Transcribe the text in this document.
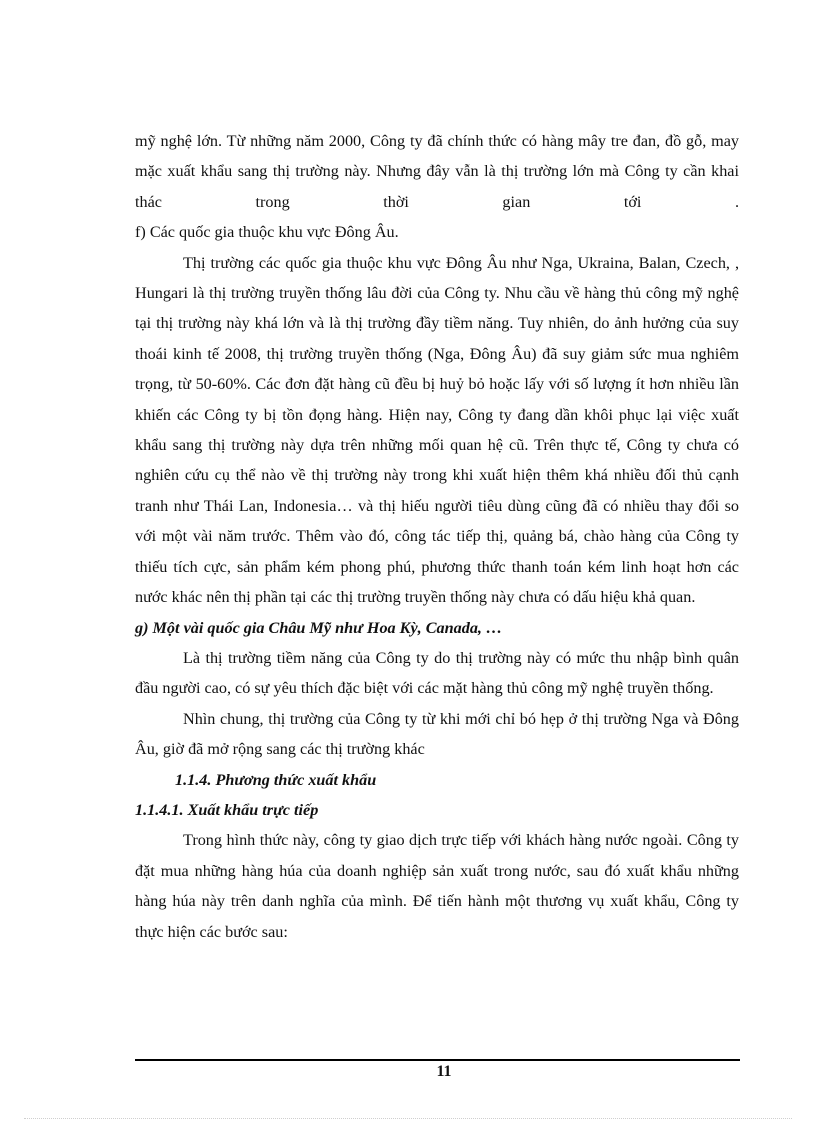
mỹ nghệ lớn. Từ những năm 2000, Công ty đã chính thức có hàng mây tre đan, đồ gỗ, may mặc xuất khẩu sang thị trường này. Nhưng đây vẫn là thị trường lớn mà Công ty cần khai thác trong thời gian tới .

f) Các quốc gia thuộc khu vực Đông Âu.

Thị trường các quốc gia thuộc khu vực Đông Âu như Nga, Ukraina, Balan, Czech, , Hungari là thị trường truyền thống lâu đời của Công ty. Nhu cầu về hàng thủ công mỹ nghệ tại thị trường này khá lớn và là thị trường đầy tiềm năng. Tuy nhiên, do ảnh hưởng của suy thoái kinh tế 2008, thị trường truyền thống (Nga, Đông Âu) đã suy giảm sức mua nghiêm trọng, từ 50-60%. Các đơn đặt hàng cũ đều bị huỷ bỏ hoặc lấy với số lượng ít hơn nhiều lần khiến các Công ty bị tồn đọng hàng. Hiện nay, Công ty đang dần khôi phục lại việc xuất khẩu sang thị trường này dựa trên những mối quan hệ cũ. Trên thực tế, Công ty chưa có nghiên cứu cụ thể nào về thị trường này trong khi xuất hiện thêm khá nhiều đối thủ cạnh tranh như Thái Lan, Indonesia… và thị hiếu người tiêu dùng cũng đã có nhiều thay đổi so với một vài năm trước. Thêm vào đó, công tác tiếp thị, quảng bá, chào hàng của Công ty thiếu tích cực, sản phẩm kém phong phú, phương thức thanh toán kém linh hoạt hơn các nước khác nên thị phần tại các thị trường truyền thống này chưa có dấu hiệu khả quan.

g) Một vài quốc gia Châu Mỹ như Hoa Kỳ, Canada, …

Là thị trường tiềm năng của Công ty do thị trường này có mức thu nhập bình quân đầu người cao, có sự yêu thích đặc biệt với các mặt hàng thủ công mỹ nghệ truyền thống.

Nhìn chung, thị trường của Công ty từ khi mới chỉ bó hẹp ở thị trường Nga và Đông Âu, giờ đã mở rộng sang các thị trường khác

1.1.4. Phương thức xuất khẩu

1.1.4.1. Xuất khẩu trực tiếp

Trong hình thức này, công ty giao dịch trực tiếp với khách hàng nước ngoài. Công ty đặt mua những hàng húa của doanh nghiệp sản xuất trong nước, sau đó xuất khẩu những hàng húa này trên danh nghĩa của mình. Để tiến hành một thương vụ xuất khẩu, Công ty thực hiện các bước sau:

11
